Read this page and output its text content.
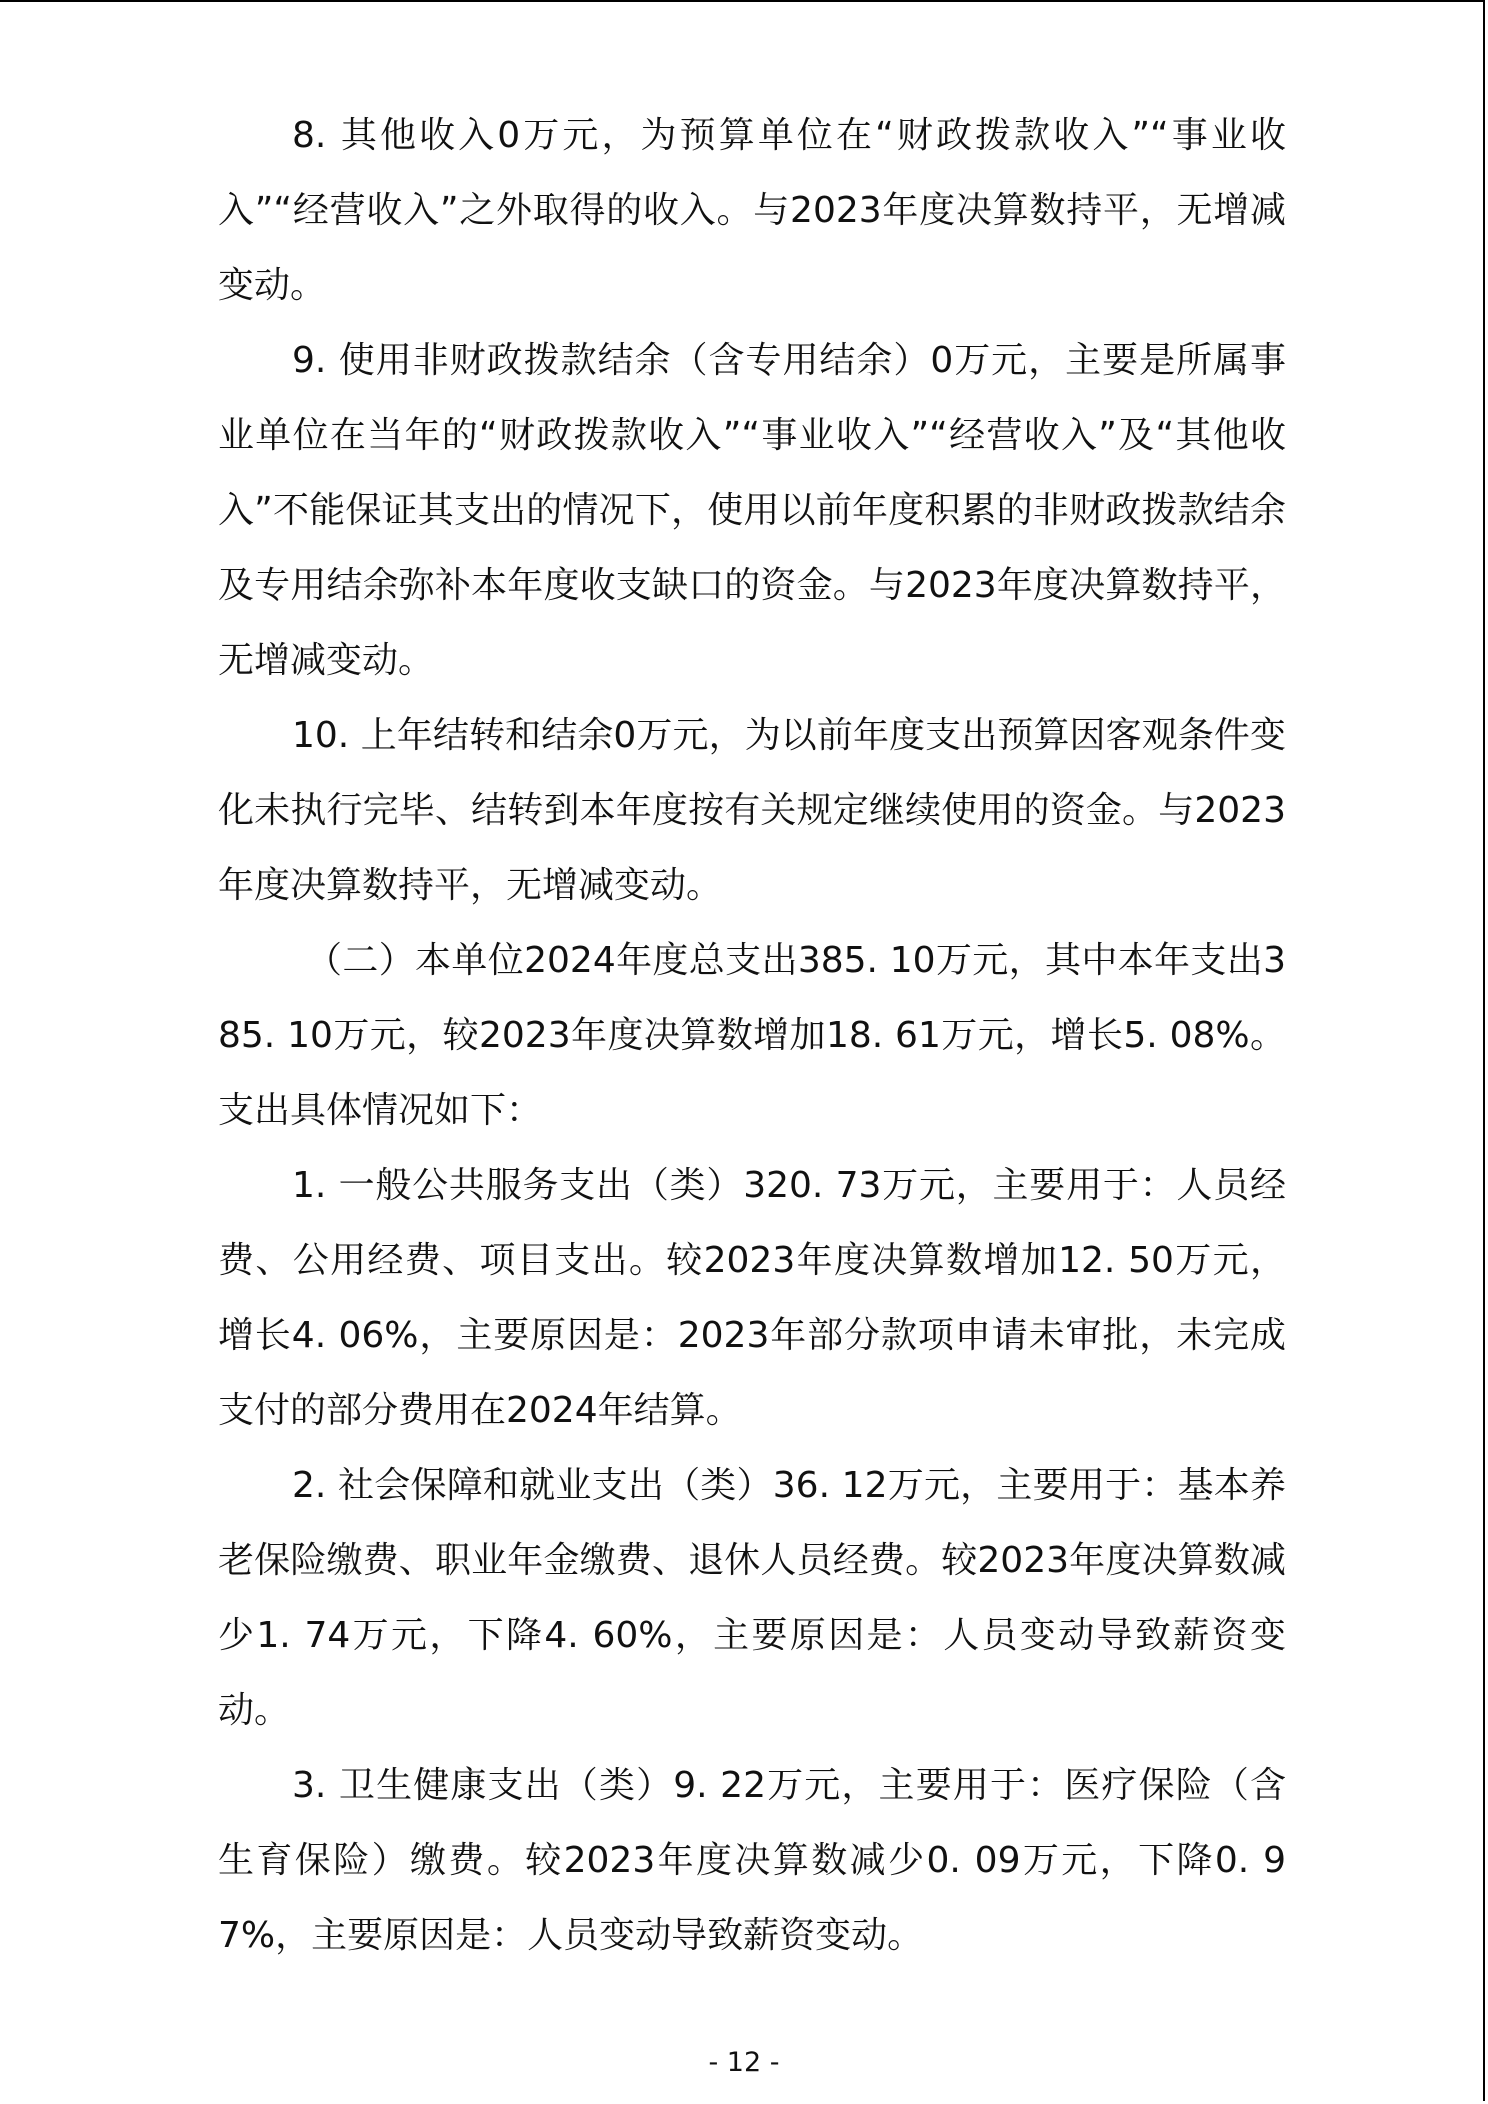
8. 其他收入0万元，为预算单位在“财政拨款收入”“事业收入”“经营收入”之外取得的收入。与2023年度决算数持平，无增减变动。

9. 使用非财政拨款结余（含专用结余）0万元，主要是所属事业单位在当年的“财政拨款收入”“事业收入”“经营收入”及“其他收入”不能保证其支出的情况下，使用以前年度积累的非财政拨款结余及专用结余弥补本年度收支缺口的资金。与2023年度决算数持平，无增减变动。

10. 上年结转和结余0万元，为以前年度支出预算因客观条件变化未执行完毕、结转到本年度按有关规定继续使用的资金。与2023年度决算数持平，无增减变动。

（二）本单位2024年度总支出385. 10万元，其中本年支出385. 10万元，较2023年度决算数增加18. 61万元，增长5. 08%。支出具体情况如下：

1. 一般公共服务支出（类）320. 73万元，主要用于：人员经费、公用经费、项目支出。较2023年度决算数增加12. 50万元，增长4. 06%，主要原因是：2023年部分款项申请未审批，未完成支付的部分费用在2024年结算。

2. 社会保障和就业支出（类）36. 12万元，主要用于：基本养老保险缴费、职业年金缴费、退休人员经费。较2023年度决算数减少1. 74万元，下降4. 60%，主要原因是：人员变动导致薪资变动。

3. 卫生健康支出（类）9. 22万元，主要用于：医疗保险（含生育保险）缴费。较2023年度决算数减少0. 09万元，下降0. 97%，主要原因是：人员变动导致薪资变动。

- 12 -
